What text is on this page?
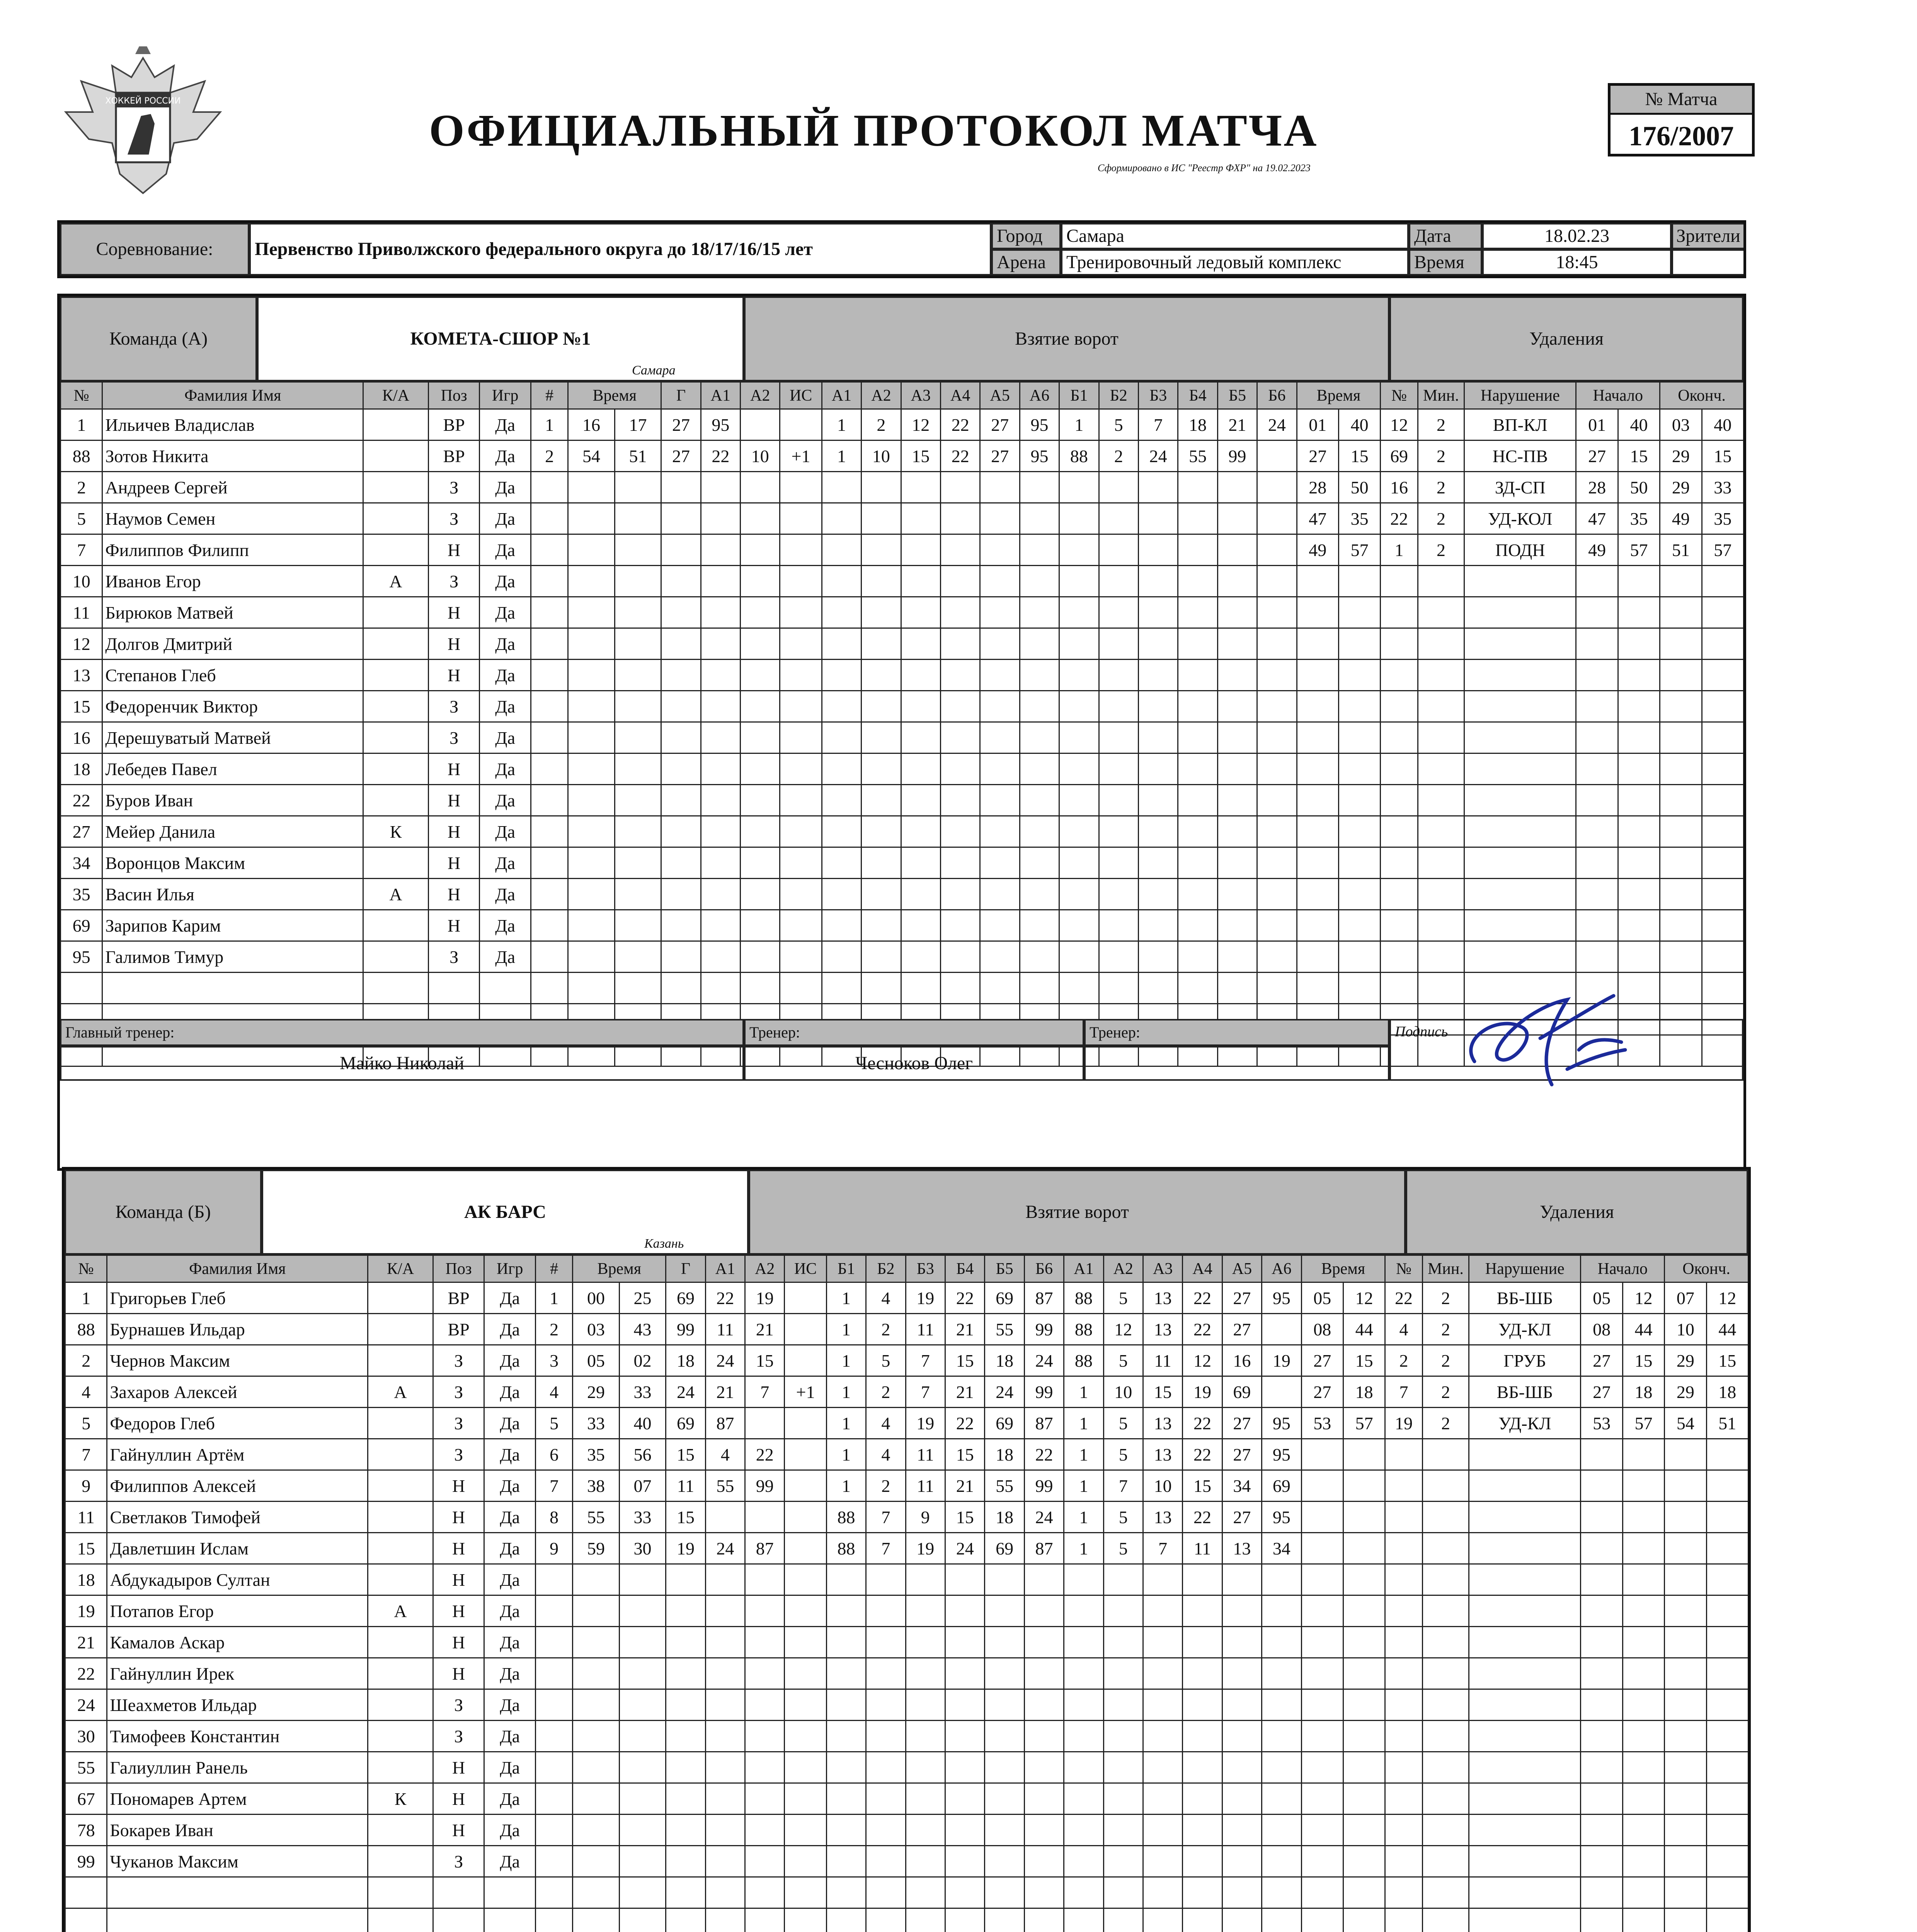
ХОККЕЙ РОССИИ
ОФИЦИАЛЬНЫЙ ПРОТОКОЛ МАТЧА
Сформировано в ИС "Реестр ФХР" на 19.02.2023
№ Матча
176/2007
Соревнование:	Первенство Приволжского федерального округа до 18/17/16/15 лет
Город	Самара
Арена	Тренировочный ледовый комплекс
Дата	18.02.23
Время	18:45
Зрители
Команда (А)	КОМЕТА-СШОР №1
Самара
Взятие ворот	Удаления
№	Фамилия Имя	К/А	Поз	Игр	#	Время		Г	А1	А2	ИС	А1	А2	А3	А4	А5	А6	Б1	Б2	Б3	Б4	Б5	Б6	Время		№	Мин.	Нарушение	Начало		Оконч.	
1	Ильичев Владислав		ВР	Да	1	16	17	27	95			1	2	12	22	27	95	1	5	7	18	21	24	01	40	12	2	ВП-КЛ	01	40	03	40
88	Зотов Никита		ВР	Да	2	54	51	27	22	10	+1	1	10	15	22	27	95	88	2	24	55	99		27	15	69	2	НС-ПВ	27	15	29	15
2	Андреев Сергей		З	Да																				28	50	16	2	ЗД-СП	28	50	29	33
5	Наумов Семен		З	Да																				47	35	22	2	УД-КОЛ	47	35	49	35
7	Филиппов Филипп		Н	Да																				49	57	1	2	ПОДН	49	57	51	57
10	Иванов Егор	А	З	Да																												
11	Бирюков Матвей		Н	Да																												
12	Долгов Дмитрий		Н	Да																												
13	Степанов Глеб		Н	Да																												
15	Федоренчик Виктор		З	Да																												
16	Дерешуватый Матвей		З	Да																												
18	Лебедев Павел		Н	Да																												
22	Буров Иван		Н	Да																												
27	Мейер Данила	К	Н	Да																												
34	Воронцов Максим		Н	Да																												
35	Васин Илья	А	Н	Да																												
69	Зарипов Карим		Н	Да																												
95	Галимов Тимур		З	Да																												

Главный тренер:
Майко Николай
Тренер:
Чесноков Олег
Тренер:	Подпись
Команда (Б)	АК БАРС
Казань
Взятие ворот	Удаления
№	Фамилия Имя	К/А	Поз	Игр	#	Время		Г	А1	А2	ИС	Б1	Б2	Б3	Б4	Б5	Б6	А1	А2	А3	А4	А5	А6	Время		№	Мин.	Нарушение	Начало		Оконч.	
1	Григорьев Глеб		ВР	Да	1	00	25	69	22	19		1	4	19	22	69	87	88	5	13	22	27	95	05	12	22	2	ВБ-ШБ	05	12	07	12
88	Бурнашев Ильдар		ВР	Да	2	03	43	99	11	21		1	2	11	21	55	99	88	12	13	22	27		08	44	4	2	УД-КЛ	08	44	10	44
2	Чернов Максим		З	Да	3	05	02	18	24	15		1	5	7	15	18	24	88	5	11	12	16	19	27	15	2	2	ГРУБ	27	15	29	15
4	Захаров Алексей	А	З	Да	4	29	33	24	21	7	+1	1	2	7	21	24	99	1	10	15	19	69		27	18	7	2	ВБ-ШБ	27	18	29	18
5	Федоров Глеб		З	Да	5	33	40	69	87			1	4	19	22	69	87	1	5	13	22	27	95	53	57	19	2	УД-КЛ	53	57	54	51
7	Гайнуллин Артём		З	Да	6	35	56	15	4	22		1	4	11	15	18	22	1	5	13	22	27	95									
9	Филиппов Алексей		Н	Да	7	38	07	11	55	99		1	2	11	21	55	99	1	7	10	15	34	69									
11	Светлаков Тимофей		Н	Да	8	55	33	15				88	7	9	15	18	24	1	5	13	22	27	95									
15	Давлетшин Ислам		Н	Да	9	59	30	19	24	87		88	7	19	24	69	87	1	5	7	11	13	34									
18	Абдукадыров Султан		Н	Да																												
19	Потапов Егор	А	Н	Да																												
21	Камалов Аскар		Н	Да																												
22	Гайнуллин Ирек		Н	Да																												
24	Шеахметов Ильдар		З	Да																												
30	Тимофеев Константин		З	Да																												
55	Галиуллин Ранель		Н	Да																												
67	Пономарев Артем	К	Н	Да																												
78	Бокарев Иван		Н	Да																												
99	Чуканов Максим		З	Да																												
